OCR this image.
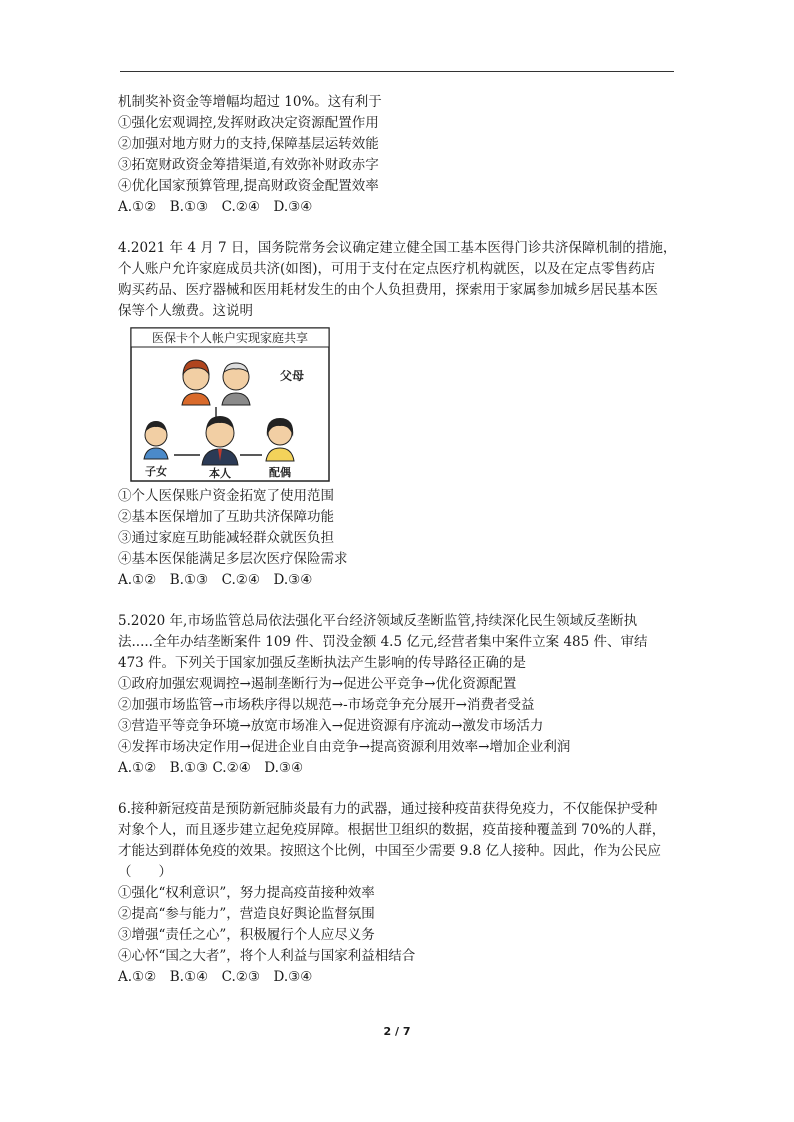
机制奖补资金等增幅均超过 10%。这有利于
①强化宏观调控,发挥财政决定资源配置作用
②加强对地方财力的支持,保障基层运转效能
③拓宽财政资金筹措渠道,有效弥补财政赤字
④优化国家预算管理,提高财政资金配置效率
A.①②　B.①③　C.②④　D.③④
4.2021 年 4 月 7 日，国务院常务会议确定建立健全国工基本医得门诊共济保障机制的措施，
个人账户允许家庭成员共济(如图)，可用于支付在定点医疗机构就医，以及在定点零售药店
购买药品、医疗器械和医用耗材发生的由个人负担费用，探索用于家属参加城乡居民基本医
保等个人缴费。这说明
医保卡个人帐户实现家庭共享
父母
子女	本人	配偶
①个人医保账户资金拓宽了使用范围
②基本医保增加了互助共济保障功能
③通过家庭互助能减轻群众就医负担
④基本医保能满足多层次医疗保险需求
A.①②　B.①③　C.②④　D.③④
5.2020 年,市场监管总局依法强化平台经济领域反垄断监管,持续深化民生领域反垄断执
法.....全年办结垄断案件 109 件、罚没金额 4.5 亿元,经营者集中案件立案 485 件、审结
473 件。下列关于国家加强反垄断执法产生影响的传导路径正确的是
①政府加强宏观调控→遏制垄断行为→促进公平竞争→优化资源配置
②加强市场监管→市场秩序得以规范→-市场竞争充分展开→消费者受益
③营造平等竞争环境→放宽市场准入→促进资源有序流动→激发市场活力
④发挥市场决定作用→促进企业自由竞争→提高资源利用效率→增加企业利润
A.①②　B.①③ C.②④　D.③④
6.接种新冠疫苗是预防新冠肺炎最有力的武器，通过接种疫苗获得免疫力，不仅能保护受种
对象个人，而且逐步建立起免疫屏障。根据世卫组织的数据，疫苗接种覆盖到 70%的人群，
才能达到群体免疫的效果。按照这个比例，中国至少需要 9.8 亿人接种。因此，作为公民应
（　　）
①强化“权利意识”，努力提高疫苗接种效率
②提高“参与能力”，营造良好舆论监督氛围
③增强“责任之心”，积极履行个人应尽义务
④心怀“国之大者”，将个人利益与国家利益相结合
A.①②　B.①④　C.②③　D.③④
2 / 7
